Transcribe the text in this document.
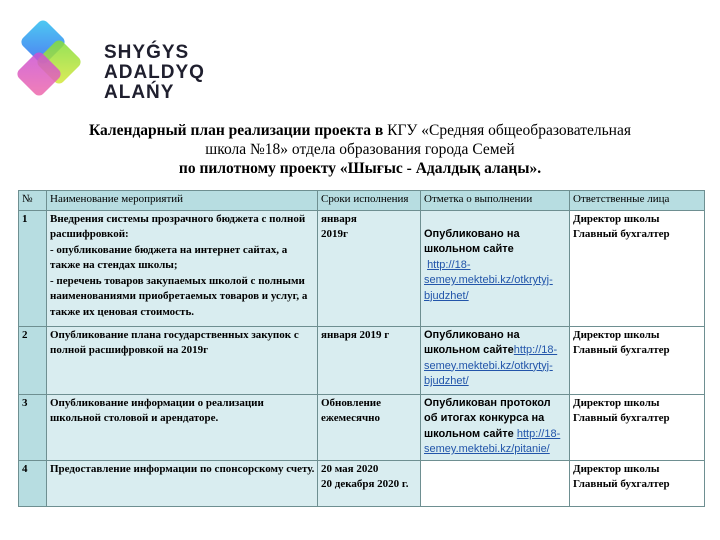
SHYǴYS
ADALDYQ ALAŃY
Календарный план реализации проекта в КГУ «Средняя общеобразовательная
школа №18» отдела образования города Семей
по пилотному проекту «Шығыс - Адалдық алаңы».
№	Наименование мероприятий	Сроки исполнения	Отметка о выполнении	Ответственные лица
1	Внедрения системы прозрачного бюджета с полной расшифровкой:
- опубликование бюджета на интернет сайтах, а также на стендах школы;
- перечень товаров закупаемых школой с полными наименованиями приобретаемых товаров и услуг, а также их ценовая стоимость.	января
2019г	Опубликовано на школьном сайте
http://18-semey.mektebi.kz/otkrytyj-bjudzhet/	Директор школы
Главный бухгалтер
2	Опубликование плана государственных закупок с полной расшифровкой на 2019г	января 2019 г	Опубликовано на школьном сайтеhttp://18-semey.mektebi.kz/otkrytyj-bjudzhet/	Директор школы
Главный бухгалтер
3	Опубликование информации о реализации школьной столовой и арендаторе.	Обновление ежемесячно	Опубликован протокол об итогах конкурса на школьном сайте http://18-semey.mektebi.kz/pitanie/	Директор школы
Главный бухгалтер
4	Предоставление информации по спонсорскому счету.	20 мая 2020
20 декабря 2020 г.		Директор школы
Главный бухгалтер
